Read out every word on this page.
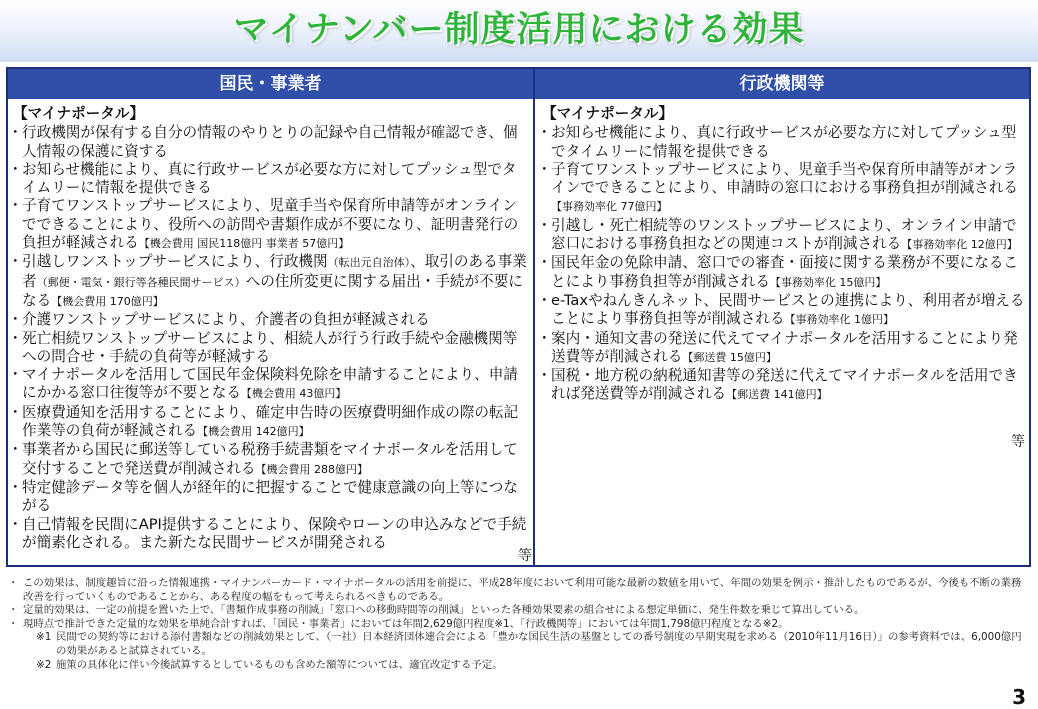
マイナンバー制度活用における効果
国民・事業者	行政機関等
【マイナポータル】
・ 行政機関が保有する自分の情報のやりとりの記録や自己情報が確認でき、個人情報の保護に資する
・ お知らせ機能により、真に行政サービスが必要な方に対してプッシュ型でタイムリーに情報を提供できる
・ 子育てワンストップサービスにより、児童手当や保育所申請等がオンラインでできることにより、役所への訪問や書類作成が不要になり、証明書発行の負担が軽減される【機会費用 国民118億円 事業者 57億円】
・ 引越しワンストップサービスにより、行政機関（転出元自治体）、取引のある事業者（郵便・電気・銀行等各種民間サービス）への住所変更に関する届出・手続が不要になる【機会費用 170億円】
・ 介護ワンストップサービスにより、介護者の負担が軽減される
・ 死亡相続ワンストップサービスにより、相続人が行う行政手続や金融機関等への問合せ・手続の負荷等が軽減する
・ マイナポータルを活用して国民年金保険料免除を申請することにより、申請にかかる窓口往復等が不要となる【機会費用 43億円】
・ 医療費通知を活用することにより、確定申告時の医療費明細作成の際の転記作業等の負荷が軽減される【機会費用 142億円】
・ 事業者から国民に郵送等している税務手続書類をマイナポータルを活用して交付することで発送費が削減される【機会費用 288億円】
・ 特定健診データ等を個人が経年的に把握することで健康意識の向上等につながる
・ 自己情報を民間にAPI提供することにより、保険やローンの申込みなどで手続が簡素化される。また新たな民間サービスが開発される
等
【マイナポータル】
・ お知らせ機能により、真に行政サービスが必要な方に対してプッシュ型でタイムリーに情報を提供できる
・ 子育てワンストップサービスにより、児童手当や保育所申請等がオンラインでできることにより、申請時の窓口における事務負担が削減される【事務効率化 77億円】
・ 引越し・死亡相続等のワンストップサービスにより、オンライン申請で窓口における事務負担などの関連コストが削減される【事務効率化 12億円】
・ 国民年金の免除申請、窓口での審査・面接に関する業務が不要になることにより事務負担等が削減される【事務効率化 15億円】
・ e-Taxやねんきんネット、民間サービスとの連携により、利用者が増えることにより事務負担等が削減される【事務効率化 1億円】
・ 案内・通知文書の発送に代えてマイナポータルを活用することにより発送費等が削減される【郵送費 15億円】
・ 国税・地方税の納税通知書等の発送に代えてマイナポータルを活用できれば発送費等が削減される【郵送費 141億円】
等
・ この効果は、制度趣旨に沿った情報連携・マイナンバーカード・マイナポータルの活用を前提に、平成28年度において利用可能な最新の数値を用いて、年間の効果を例示・推計したものであるが、今後も不断の業務改善を行っていくものであることから、ある程度の幅をもって考えられるべきものである。
・ 定量的効果は、一定の前提を置いた上で、「書類作成事務の削減」「窓口への移動時間等の削減」といった各種効果要素の組合せによる想定単価に、発生件数を乗じて算出している。
・ 現時点で推計できた定量的な効果を単純合計すれば、「国民・事業者」においては年間2,629億円程度※1、「行政機関等」においては年間1,798億円程度となる※2。
※1 民間での契約等における添付書類などの削減効果として、（一社）日本経済団体連合会による「豊かな国民生活の基盤としての番号制度の早期実現を求める（2010年11月16日）」の参考資料では、6,000億円の効果があると試算されている。
※2 施策の具体化に伴い今後試算するとしているものも含めた額等については、適宜改定する予定。
3
